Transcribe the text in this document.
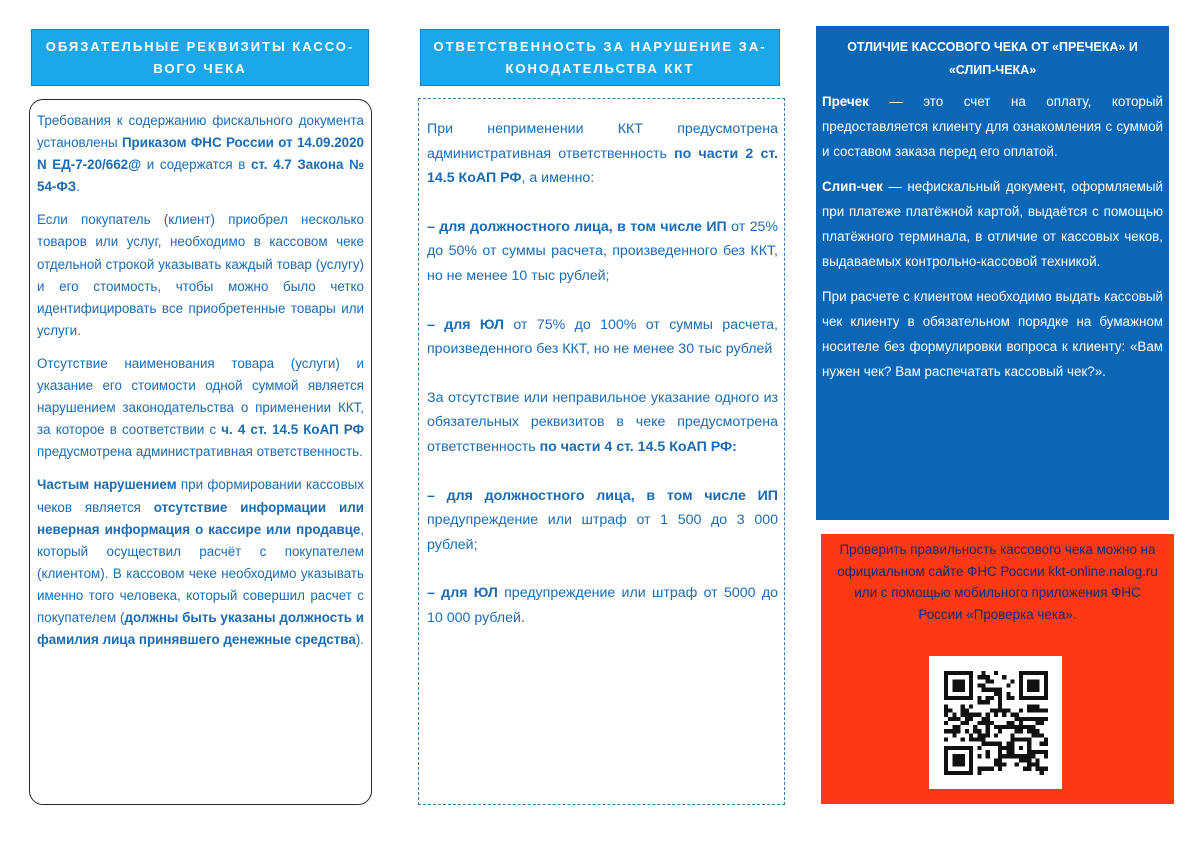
ОБЯЗАТЕЛЬНЫЕ РЕКВИЗИТЫ КАССО-ВОГО ЧЕКА

Требования к содержанию фискального документа установлены Приказом ФНС России от 14.09.2020 N ЕД-7-20/662@ и содержатся в ст. 4.7 Закона № 54-ФЗ.

Если покупатель (клиент) приобрел несколько товаров или услуг, необходимо в кассовом чеке отдельной строкой указывать каждый товар (услугу) и его стоимость, чтобы можно было четко идентифицировать все приобретенные товары или услуги.

Отсутствие наименования товара (услуги) и указание его стоимости одной суммой является нарушением законодательства о применении ККТ, за которое в соответствии с ч. 4 ст. 14.5 КоАП РФ предусмотрена административная ответственность.

Частым нарушением при формировании кассовых чеков является отсутствие информации или неверная информация о кассире или продавце, который осуществил расчёт с покупателем (клиентом). В кассовом чеке необходимо указывать именно того человека, который совершил расчет с покупателем (должны быть указаны должность и фамилия лица принявшего денежные средства).

ОТВЕТСТВЕННОСТЬ ЗА НАРУШЕНИЕ ЗА-КОНОДАТЕЛЬСТВА ККТ

При неприменении ККТ предусмотрена административная ответственность по части 2 ст. 14.5 КоАП РФ, а именно:

– для должностного лица, в том числе ИП от 25% до 50% от суммы расчета, произведенного без ККТ, но не менее 10 тыс рублей;

– для ЮЛ от 75% до 100% от суммы расчета, произведенного без ККТ, но не менее 30 тыс рублей

За отсутствие или неправильное указание одного из обязательных реквизитов в чеке предусмотрена ответственность по части 4 ст. 14.5 КоАП РФ:

– для должностного лица, в том числе ИП предупреждение или штраф от 1 500 до 3 000 рублей;

– для ЮЛ предупреждение или штраф от 5000 до 10 000 рублей.

ОТЛИЧИЕ КАССОВОГО ЧЕКА ОТ «ПРЕЧЕКА» И «СЛИП-ЧЕКА»

Пречек — это счет на оплату, который предоставляется клиенту для ознакомления с суммой и составом заказа перед его оплатой.

Слип-чек — нефискальный документ, оформляемый при платеже платёжной картой, выдаётся с помощью платёжного терминала, в отличие от кассовых чеков, выдаваемых контрольно-кассовой техникой.

При расчете с клиентом необходимо выдать кассовый чек клиенту в обязательном порядке на бумажном носителе без формулировки вопроса к клиенту: «Вам нужен чек? Вам распечатать кассовый чек?».

Проверить правильность кассового чека можно на официальном сайте ФНС России kkt-online.nalog.ru или с помощью мобильного приложения ФНС России «Проверка чека».
